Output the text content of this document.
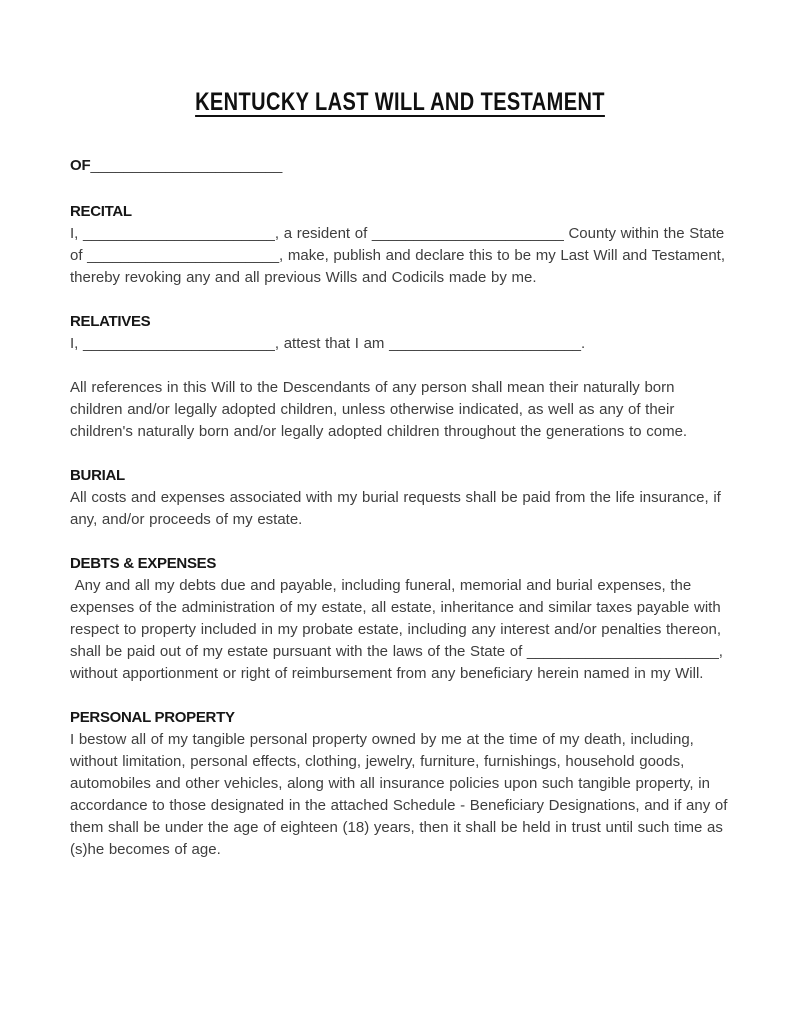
KENTUCKY LAST WILL AND TESTAMENT
OF_______________________
RECITAL

I, _______________________, a resident of _______________________ County within the State of _______________________, make, publish and declare this to be my Last Will and Testament, thereby revoking any and all previous Wills and Codicils made by me.

RELATIVES

I, _______________________, attest that I am _______________________.

All references in this Will to the Descendants of any person shall mean their naturally born children and/or legally adopted children, unless otherwise indicated, as well as any of their children's naturally born and/or legally adopted children throughout the generations to come.

BURIAL

All costs and expenses associated with my burial requests shall be paid from the life insurance, if any, and/or proceeds of my estate.

DEBTS & EXPENSES

Any and all my debts due and payable, including funeral, memorial and burial expenses, the expenses of the administration of my estate, all estate, inheritance and similar taxes payable with respect to property included in my probate estate, including any interest and/or penalties thereon, shall be paid out of my estate pursuant with the laws of the State of _______________________, without apportionment or right of reimbursement from any beneficiary herein named in my Will.

PERSONAL PROPERTY

I bestow all of my tangible personal property owned by me at the time of my death, including, without limitation, personal effects, clothing, jewelry, furniture, furnishings, household goods, automobiles and other vehicles, along with all insurance policies upon such tangible property, in accordance to those designated in the attached Schedule - Beneficiary Designations, and if any of them shall be under the age of eighteen (18) years, then it shall be held in trust until such time as (s)he becomes of age.
